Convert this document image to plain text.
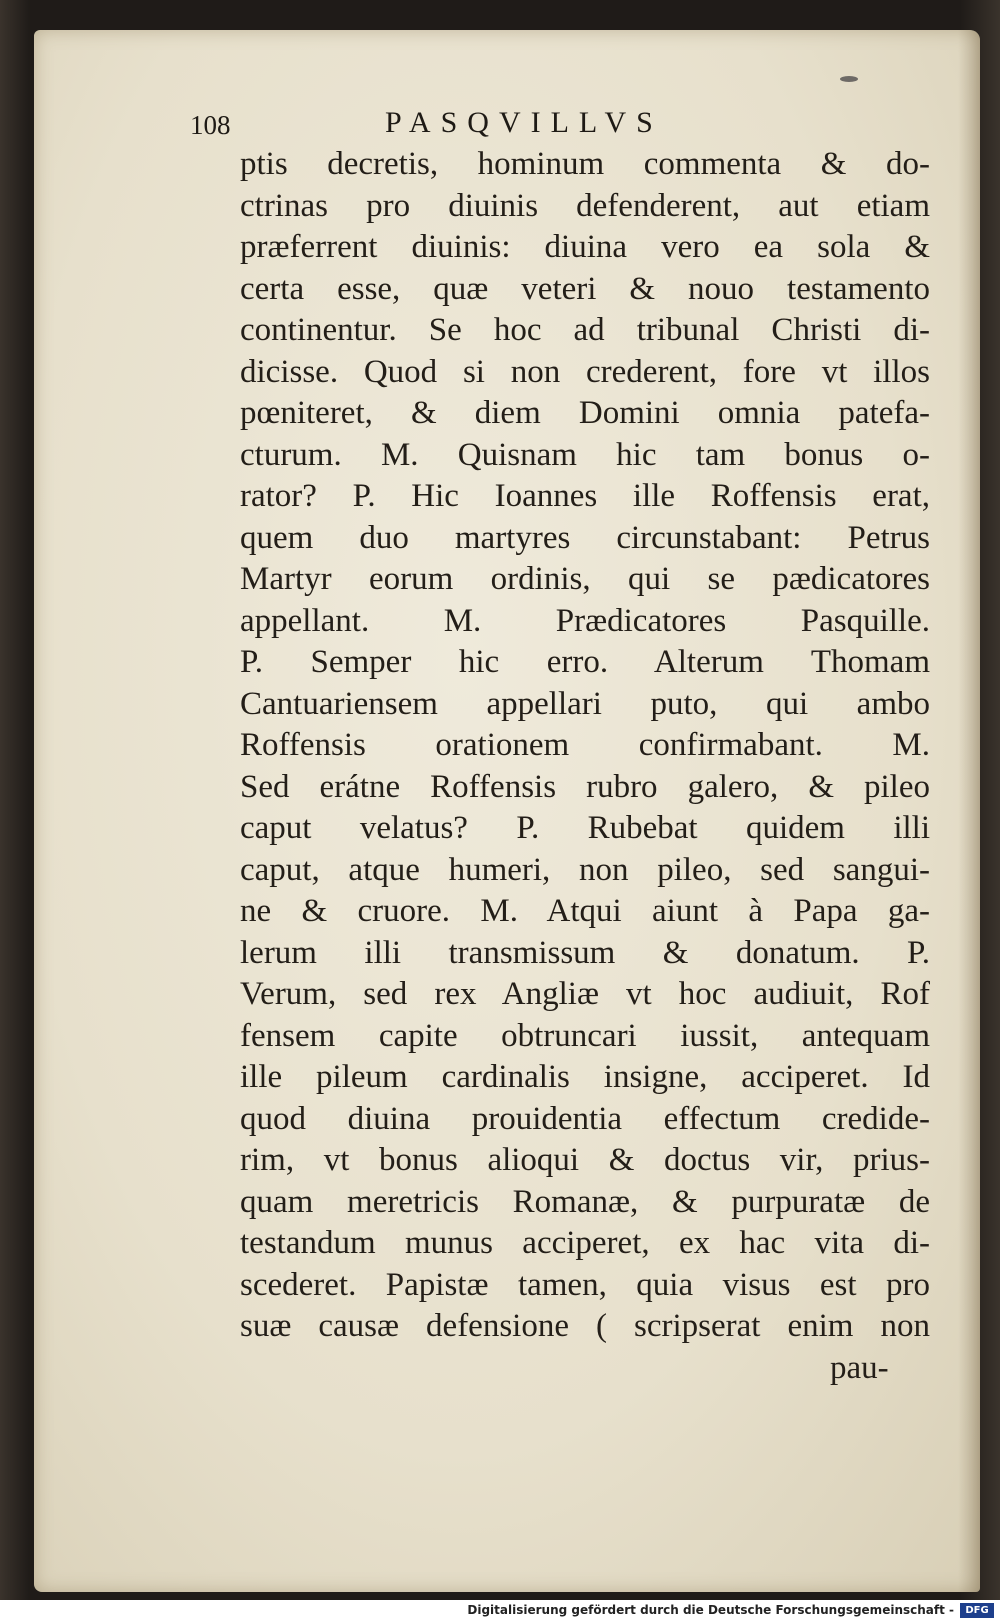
108	PASQVILLVS
ptis decretis, hominum commenta & do-
ctrinas pro diuinis defenderent, aut etiam
præferrent diuinis: diuina vero ea sola &
certa esse, quæ veteri & nouo testamento
continentur. Se hoc ad tribunal Christi di-
dicisse. Quod si non crederent, fore vt illos
pœniteret, & diem Domini omnia patefa-
cturum. M. Quisnam hic tam bonus o-
rator? P. Hic Ioannes ille Roffensis erat,
quem duo martyres circunstabant: Petrus
Martyr eorum ordinis, qui se pædicatores
appellant. M. Prædicatores Pasquille.
P. Semper hic erro. Alterum Thomam
Cantuariensem appellari puto, qui ambo
Roffensis orationem confirmabant. M.
Sed erátne Roffensis rubro galero, & pileo
caput velatus? P. Rubebat quidem illi
caput, atque humeri, non pileo, sed sangui-
ne & cruore. M. Atqui aiunt à Papa ga-
lerum illi transmissum & donatum. P.
Verum, sed rex Angliæ vt hoc audiuit, Rof
fensem capite obtruncari iussit, antequam
ille pileum cardinalis insigne, acciperet. Id
quod diuina prouidentia effectum credide-
rim, vt bonus alioqui & doctus vir, prius-
quam meretricis Romanæ, & purpuratæ de
testandum munus acciperet, ex hac vita di-
scederet. Papistæ tamen, quia visus est pro
suæ causæ defensione ( scripserat enim non
pau-
Digitalisierung gefördert durch die Deutsche Forschungsgemeinschaft -	DFG
